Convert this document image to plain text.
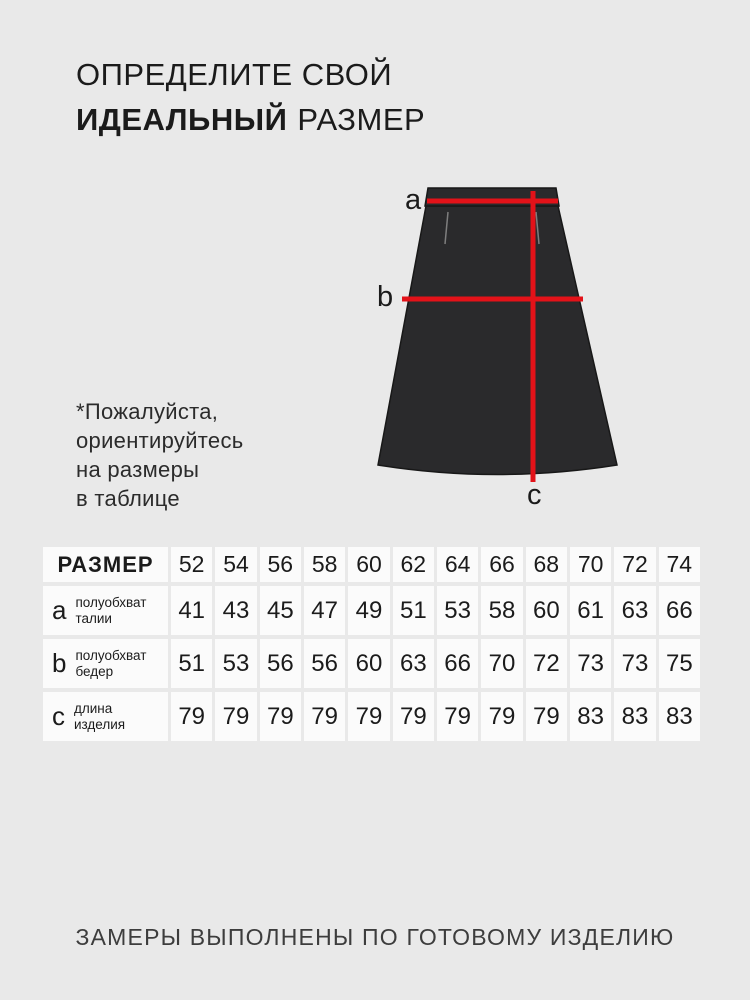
ОПРЕДЕЛИТЕ СВОЙ
ИДЕАЛЬНЫЙ РАЗМЕР
a
b
c
*Пожалуйста,
ориентируйтесь
на размеры
в таблице
РАЗМЕР	52 54 56 58 60 62 64 66 68 70 72 74
a полуобхват
талии	41 43 45 47 49 51 53 58 60 61 63 66
b полуобхват
бедер	51 53 56 56 60 63 66 70 72 73 73 75
c длина
изделия	79 79 79 79 79 79 79 79 79 83 83 83
ЗАМЕРЫ ВЫПОЛНЕНЫ ПО ГОТОВОМУ ИЗДЕЛИЮ
